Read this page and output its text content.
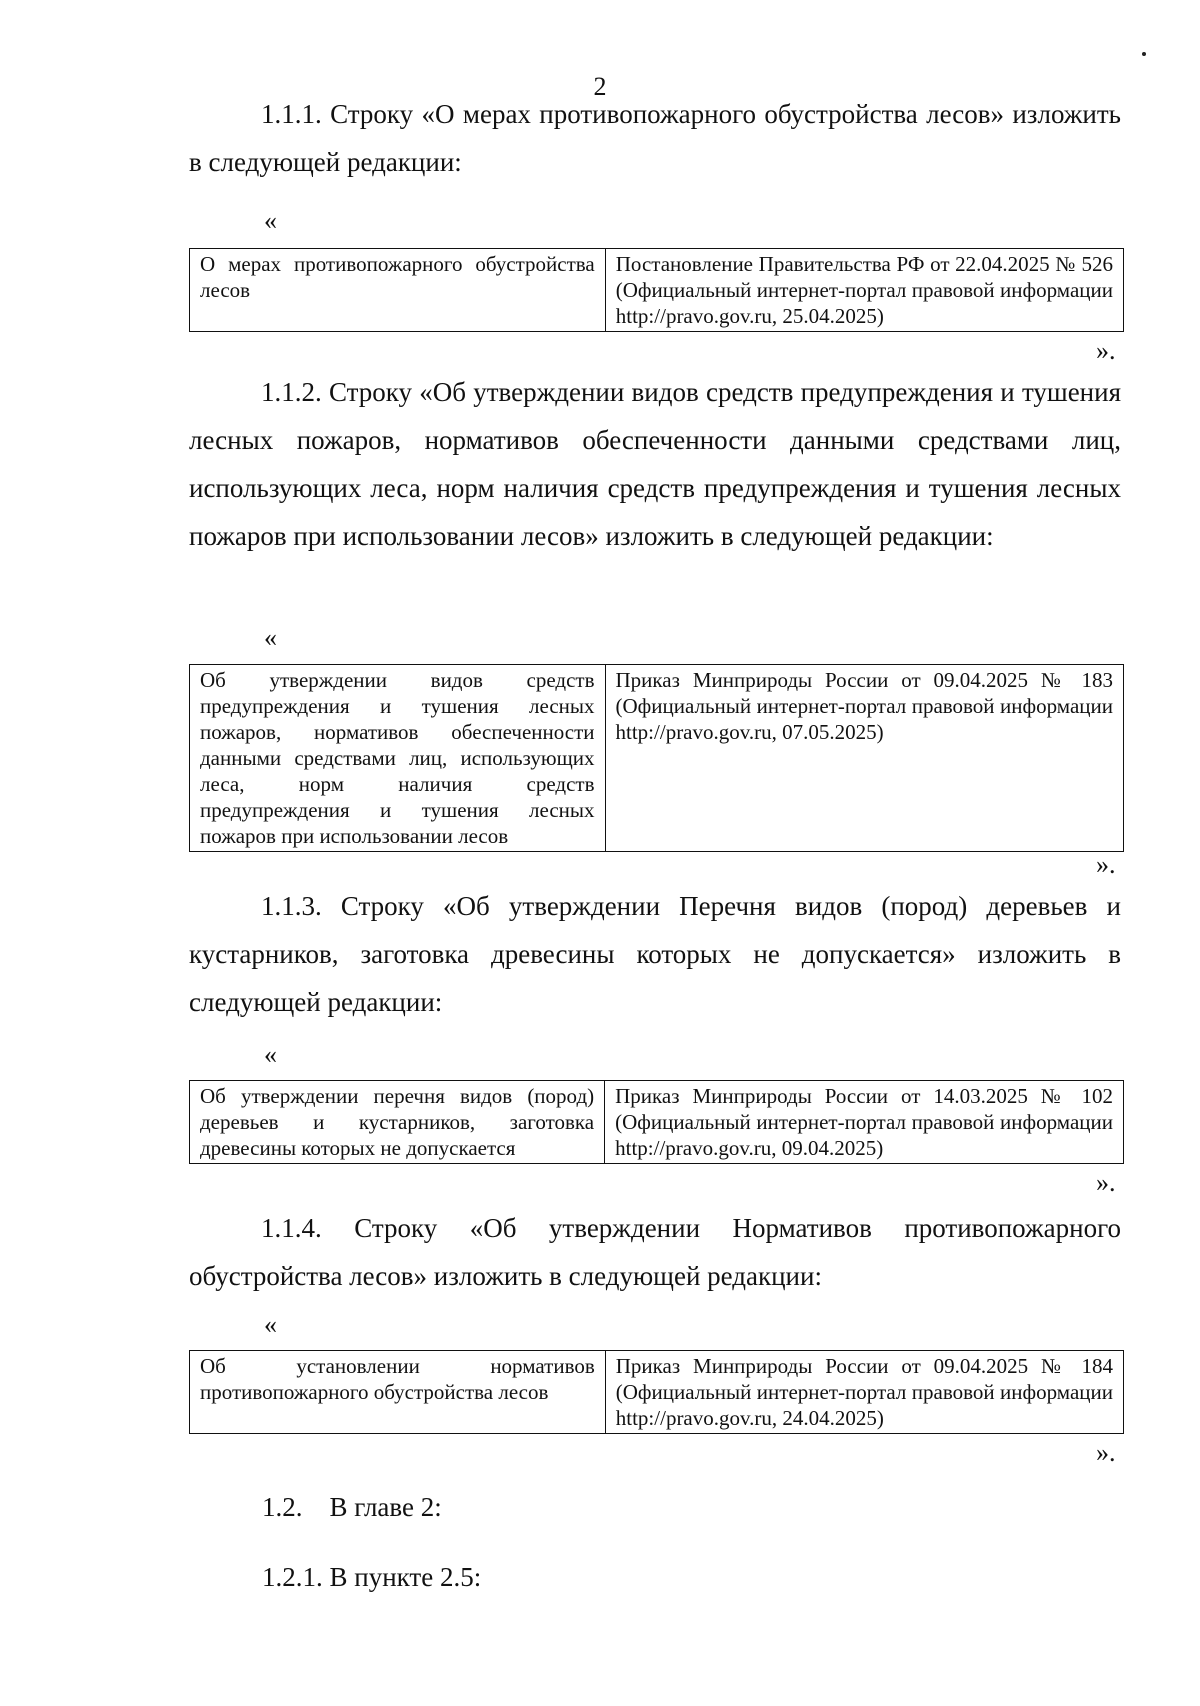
2

1.1.1. Строку «О мерах противопожарного обустройства лесов» изложить в следующей редакции:

«
О мерах противопожарного обустройства лесов	Постановление Правительства РФ от 22.04.2025 № 526 (Официальный интернет-портал правовой информации http://pravo.gov.ru, 25.04.2025)
».

1.1.2. Строку «Об утверждении видов средств предупреждения и тушения лесных пожаров, нормативов обеспеченности данными средствами лиц, использующих леса, норм наличия средств предупреждения и тушения лесных пожаров при использовании лесов» изложить в следующей редакции:

«
Об утверждении видов средств предупреждения и тушения лесных пожаров, нормативов обеспеченности данными средствами лиц, использующих леса, норм наличия средств предупреждения и тушения лесных пожаров при использовании лесов	Приказ Минприроды России от 09.04.2025 № 183 (Официальный интернет-портал правовой информации http://pravo.gov.ru, 07.05.2025)
».

1.1.3. Строку «Об утверждении Перечня видов (пород) деревьев и кустарников, заготовка древесины которых не допускается» изложить в следующей редакции:

«
Об утверждении перечня видов (пород) деревьев и кустарников, заготовка древесины которых не допускается	Приказ Минприроды России от 14.03.2025 № 102 (Официальный интернет-портал правовой информации http://pravo.gov.ru, 09.04.2025)
».

1.1.4. Строку «Об утверждении Нормативов противопожарного обустройства лесов» изложить в следующей редакции:

«
Об установлении нормативов противопожарного обустройства лесов	Приказ Минприроды России от 09.04.2025 № 184 (Официальный интернет-портал правовой информации http://pravo.gov.ru, 24.04.2025)
».
1.2.    В главе 2:
1.2.1. В пункте 2.5:
